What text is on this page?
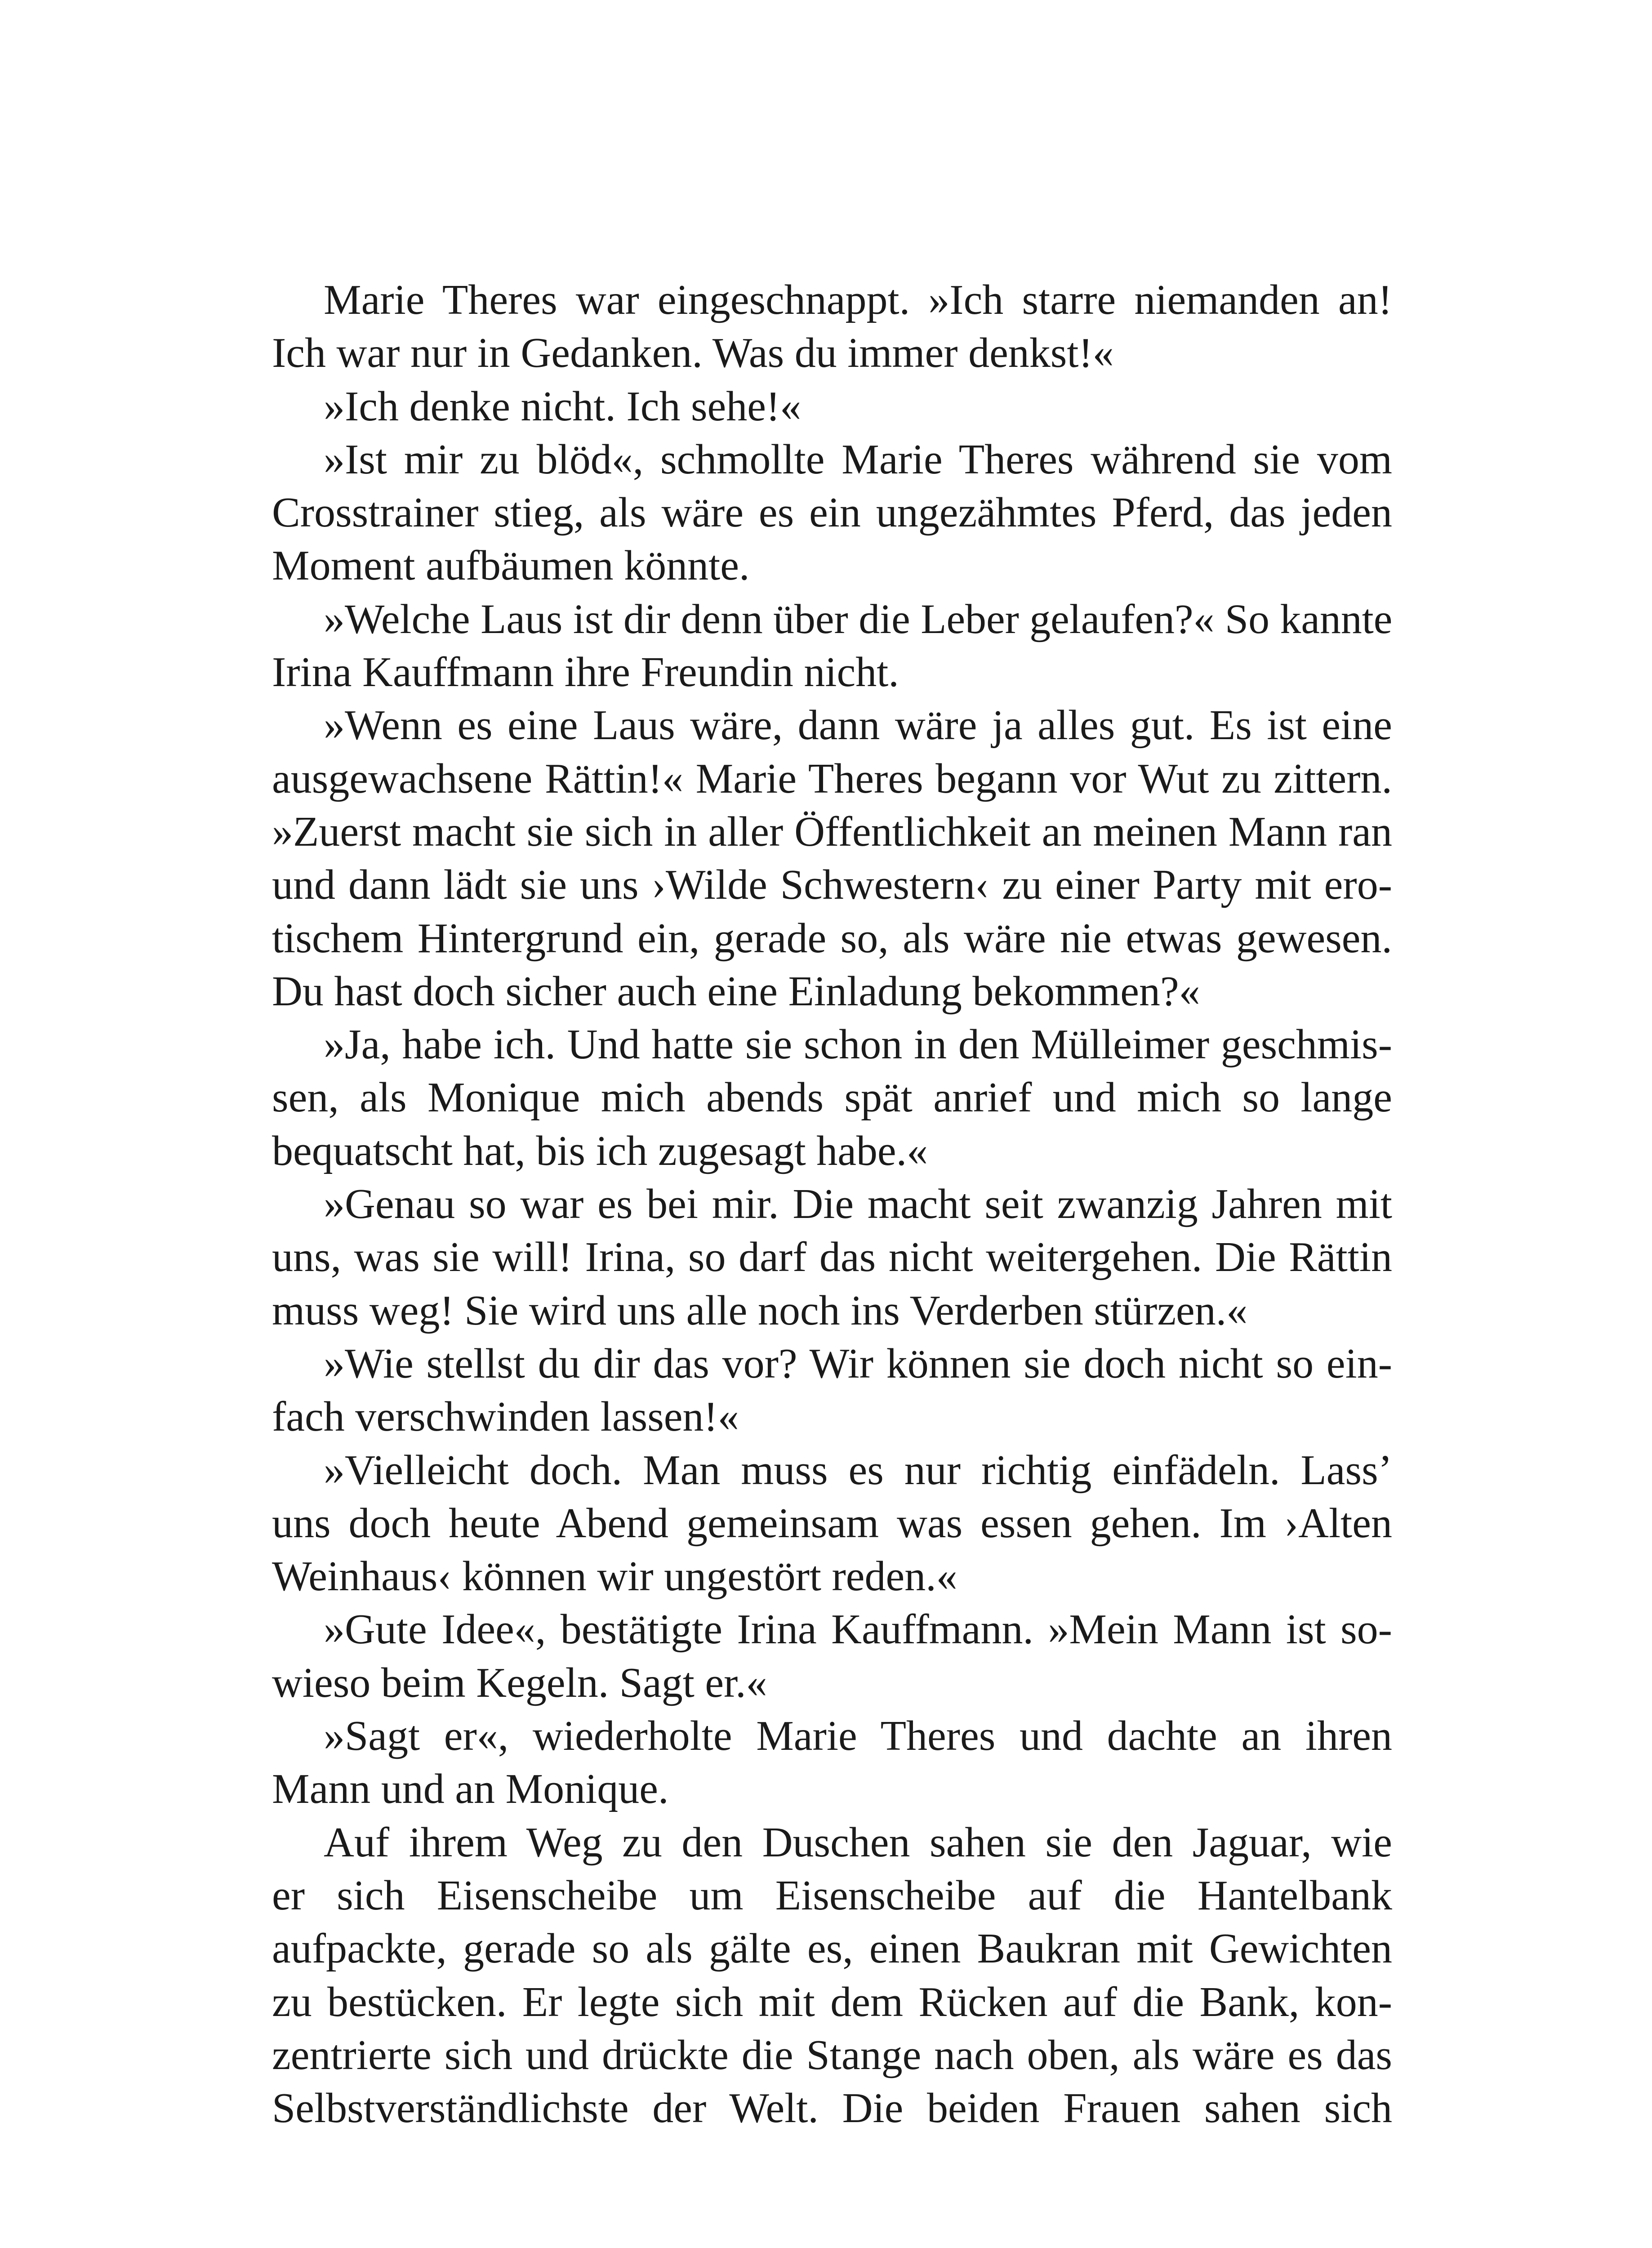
Marie Theres war eingeschnappt. »Ich starre niemanden an!
Ich war nur in Gedanken. Was du immer denkst!«
»Ich denke nicht. Ich sehe!«
»Ist mir zu blöd«, schmollte Marie Theres während sie vom
Crosstrainer stieg, als wäre es ein ungezähmtes Pferd, das jeden
Moment aufbäumen könnte.
»Welche Laus ist dir denn über die Leber gelaufen?« So kannte
Irina Kauffmann ihre Freundin nicht.
»Wenn es eine Laus wäre, dann wäre ja alles gut. Es ist eine
ausgewachsene Rättin!« Marie Theres begann vor Wut zu zittern.
»Zuerst macht sie sich in aller Öffentlichkeit an meinen Mann ran
und dann lädt sie uns ›Wilde Schwestern‹ zu einer Party mit ero-
tischem Hintergrund ein, gerade so, als wäre nie etwas gewesen.
Du hast doch sicher auch eine Einladung bekommen?«
»Ja, habe ich. Und hatte sie schon in den Mülleimer geschmis-
sen, als Monique mich abends spät anrief und mich so lange
bequatscht hat, bis ich zugesagt habe.«
»Genau so war es bei mir. Die macht seit zwanzig Jahren mit
uns, was sie will! Irina, so darf das nicht weitergehen. Die Rättin
muss weg! Sie wird uns alle noch ins Verderben stürzen.«
»Wie stellst du dir das vor? Wir können sie doch nicht so ein-
fach verschwinden lassen!«
»Vielleicht doch. Man muss es nur richtig einfädeln. Lass’
uns doch heute Abend gemeinsam was essen gehen. Im ›Alten
Weinhaus‹ können wir ungestört reden.«
»Gute Idee«, bestätigte Irina Kauffmann. »Mein Mann ist so-
wieso beim Kegeln. Sagt er.«
»Sagt er«, wiederholte Marie Theres und dachte an ihren
Mann und an Monique.
Auf ihrem Weg zu den Duschen sahen sie den Jaguar, wie
er sich Eisenscheibe um Eisenscheibe auf die Hantelbank
aufpackte, gerade so als gälte es, einen Baukran mit Gewichten
zu bestücken. Er legte sich mit dem Rücken auf die Bank, kon-
zentrierte sich und drückte die Stange nach oben, als wäre es das
Selbstverständlichste der Welt. Die beiden Frauen sahen sich
